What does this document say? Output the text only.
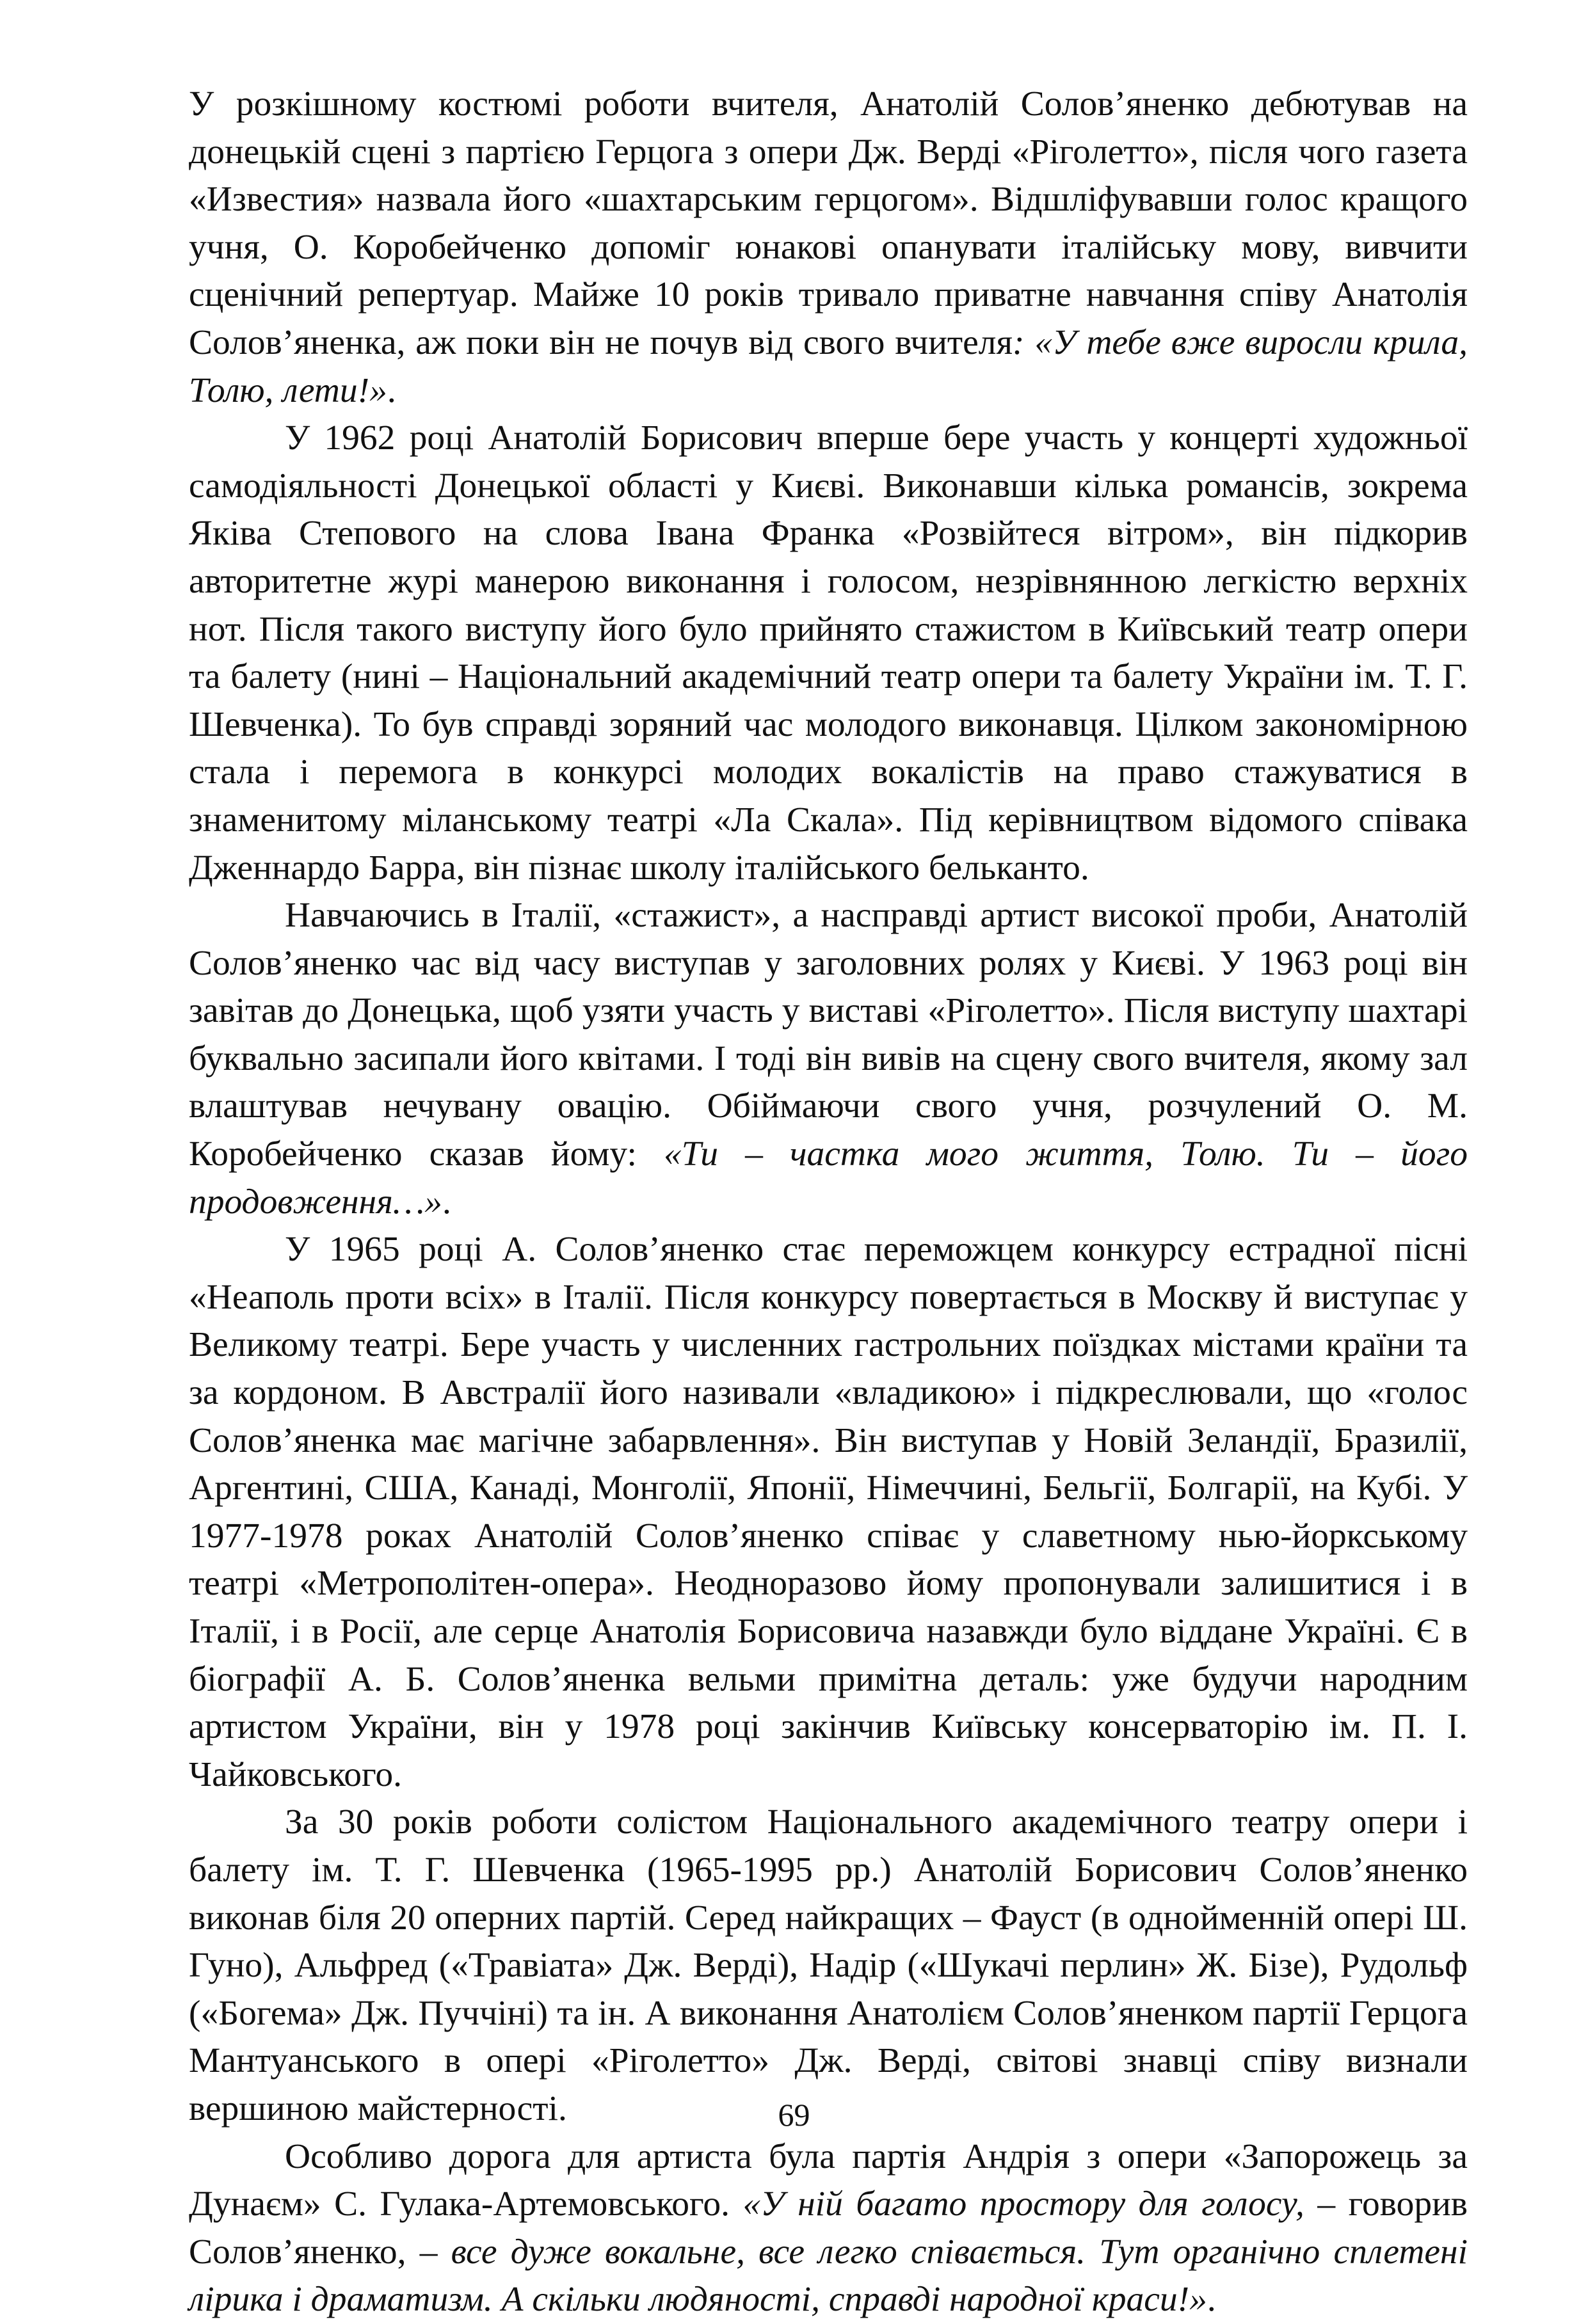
У розкішному костюмі роботи вчителя, Анатолій Солов’яненко дебютував на донецькій сцені з партією Герцога з опери Дж. Верді «Ріголетто», після чого газета «Известия» назвала його «шахтарським герцогом». Відшліфувавши голос кращого учня, О. Коробейченко допоміг юнакові опанувати італійську мову, вивчити сценічний репертуар. Майже 10 років тривало приватне навчання співу Анатолія Солов’яненка, аж поки він не почув від свого вчителя: «У тебе вже виросли крила, Толю, лети!».

У 1962 році Анатолій Борисович вперше бере участь у концерті художньої самодіяльності Донецької області у Києві. Виконавши кілька романсів, зокрема Яківа Степового на слова Івана Франка «Розвійтеся вітром», він підкорив авторитетне журі манерою виконання і голосом, незрівнянною легкістю верхніх нот. Після такого виступу його було прийнято стажистом в Київський театр опери та балету (нині – Національний академічний театр опери та балету України ім. Т. Г. Шевченка). То був справді зоряний час молодого виконавця. Цілком закономірною стала і перемога в конкурсі молодих вокалістів на право стажуватися в знаменитому міланському театрі «Ла Скала». Під керівництвом відомого співака Дженнардо Барра, він пізнає школу італійського бельканто.

Навчаючись в Італії, «стажист», а насправді артист високої проби, Анатолій Солов’яненко час від часу виступав у заголовних ролях у Києві. У 1963 році він завітав до Донецька, щоб узяти участь у виставі «Ріголетто». Після виступу шахтарі буквально засипали його квітами. І тоді він вивів на сцену свого вчителя, якому зал влаштував нечувану овацію. Обіймаючи свого учня, розчулений О. М. Коробейченко сказав йому: «Ти – частка мого життя, Толю. Ти – його продовження…».

У 1965 році А. Солов’яненко стає переможцем конкурсу естрадної пісні «Неаполь проти всіх» в Італії. Після конкурсу повертається в Москву й виступає у Великому театрі. Бере участь у численних гастрольних поїздках містами країни та за кордоном. В Австралії його називали «владикою» і підкреслювали, що «голос Солов’яненка має магічне забарвлення». Він виступав у Новій Зеландії, Бразилії, Аргентині, США, Канаді, Монголії, Японії, Німеччині, Бельгії, Болгарії, на Кубі. У 1977-1978 роках Анатолій Солов’яненко співає у славетному нью-йоркському театрі «Метрополітен-опера». Неодноразово йому пропонували залишитися і в Італії, і в Росії, але серце Анатолія Борисовича назавжди було віддане Україні. Є в біографії А. Б. Солов’яненка вельми примітна деталь: уже будучи народним артистом України, він у 1978 році закінчив Київську консерваторію ім. П. І. Чайковського.

За 30 років роботи солістом Національного академічного театру опери і балету ім. Т. Г. Шевченка (1965-1995 рр.) Анатолій Борисович Солов’яненко виконав біля 20 оперних партій. Серед найкращих – Фауст (в однойменній опері Ш. Гуно), Альфред («Травіата» Дж. Верді), Надір («Шукачі перлин» Ж. Бізе), Рудольф («Богема» Дж. Пуччіні) та ін. А виконання Анатолієм Солов’яненком партії Герцога Мантуанського в опері «Ріголетто» Дж. Верді, світові знавці співу визнали вершиною майстерності.

Особливо дорога для артиста була партія Андрія з опери «Запорожець за Дунаєм» С. Гулака-Артемовського. «У ній багато простору для голосу, – говорив Солов’яненко, – все дуже вокальне, все легко співається. Тут органічно сплетені лірика і драматизм. А скільки людяності, справді народної краси!».

69
